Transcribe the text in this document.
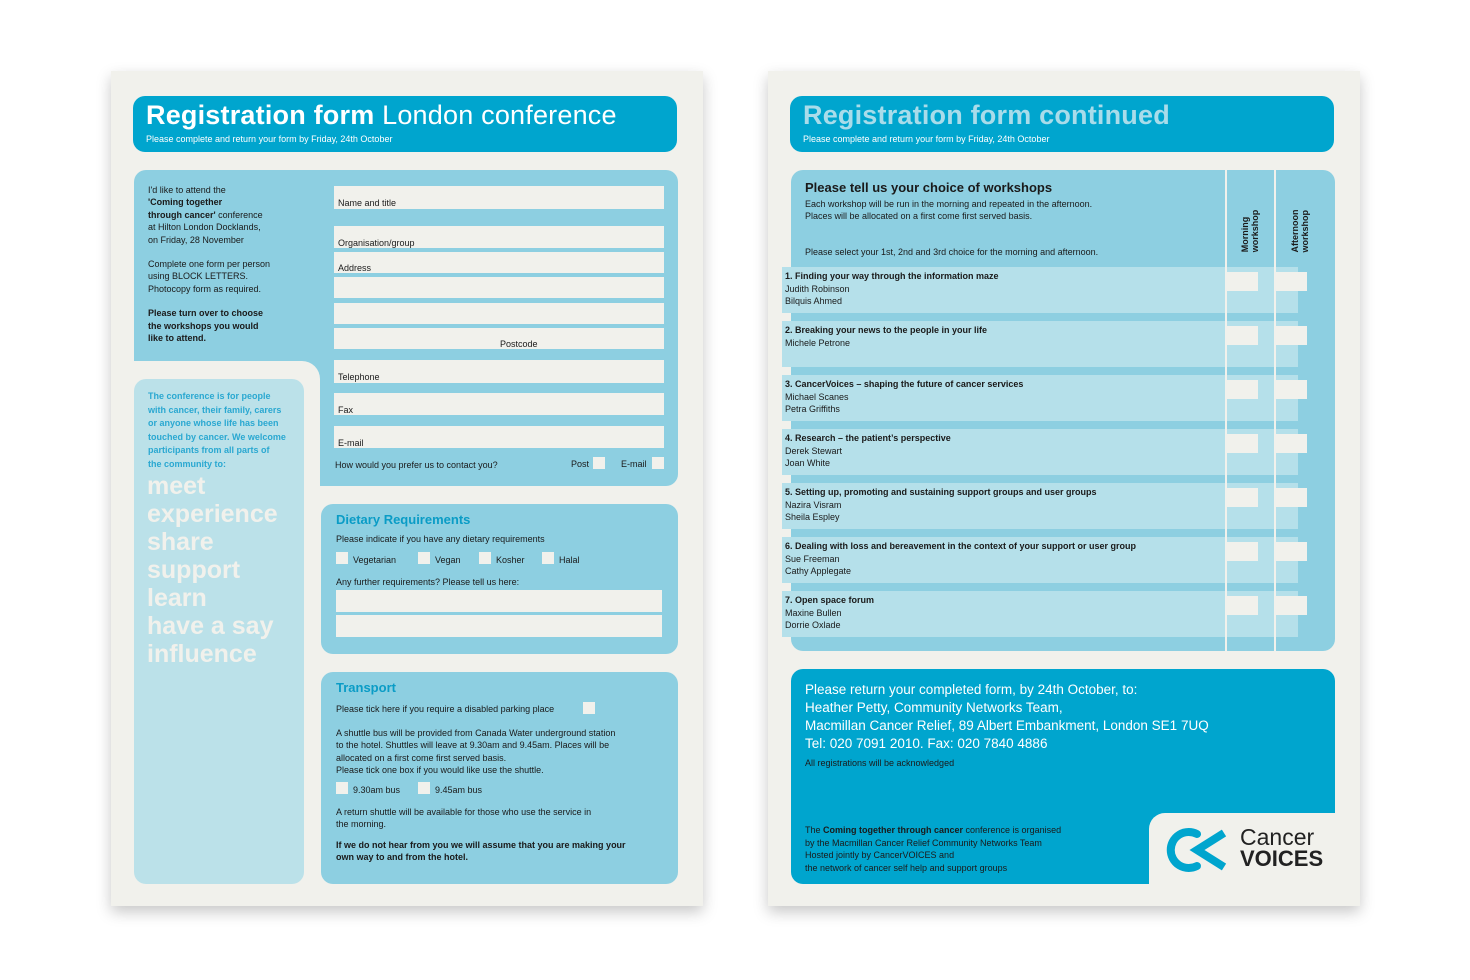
Registration form London conference
Please complete and return your form by Friday, 24th October
I'd like to attend the
'Coming together
through cancer' conference
at Hilton London Docklands,
on Friday, 28 November
Complete one form per person
using BLOCK LETTERS.
Photocopy form as required.
Please turn over to choose
the workshops you would
like to attend.
Name and title
Organisation/group
Address
Postcode
Telephone
Fax
E-mail
How would you prefer us to contact you?	Post	E-mail
The conference is for people
with cancer, their family, carers
or anyone whose life has been
touched by cancer. We welcome
participants from all parts of
the community to:
meet
experience
share
support
learn
have a say
influence
Dietary Requirements
Please indicate if you have any dietary requirements
Vegetarian	Vegan	Kosher	Halal
Any further requirements? Please tell us here:
Transport
Please tick here if you require a disabled parking place
A shuttle bus will be provided from Canada Water underground station
to the hotel. Shuttles will leave at 9.30am and 9.45am. Places will be
allocated on a first come first served basis.
Please tick one box if you would like use the shuttle.
9.30am bus	9.45am bus
A return shuttle will be available for those who use the service in
the morning.
If we do not hear from you we will assume that you are making your
own way to and from the hotel.
Registration form continued
Please complete and return your form by Friday, 24th October
Please tell us your choice of workshops
Each workshop will be run in the morning and repeated in the afternoon.
Places will be allocated on a first come first served basis.
Please select your 1st, 2nd and 3rd choice for the morning and afternoon.	Morning workshop	Afternoon workshop
1. Finding your way through the information maze
Judith Robinson
Bilquis Ahmed
2. Breaking your news to the people in your life
Michele Petrone
3. CancerVoices – shaping the future of cancer services
Michael Scanes
Petra Griffiths
4. Research – the patient’s perspective
Derek Stewart
Joan White
5. Setting up, promoting and sustaining support groups and user groups
Nazira Visram
Sheila Espley
6. Dealing with loss and bereavement in the context of your support or user group
Sue Freeman
Cathy Applegate
7. Open space forum
Maxine Bullen
Dorrie Oxlade
Please return your completed form, by 24th October, to:
Heather Petty, Community Networks Team,
Macmillan Cancer Relief, 89 Albert Embankment, London SE1 7UQ
Tel: 020 7091 2010. Fax: 020 7840 4886
All registrations will be acknowledged
The Coming together through cancer conference is organised
by the Macmillan Cancer Relief Community Networks Team
Hosted jointly by CancerVOICES and
the network of cancer self help and support groups
Cancer
VOICES
